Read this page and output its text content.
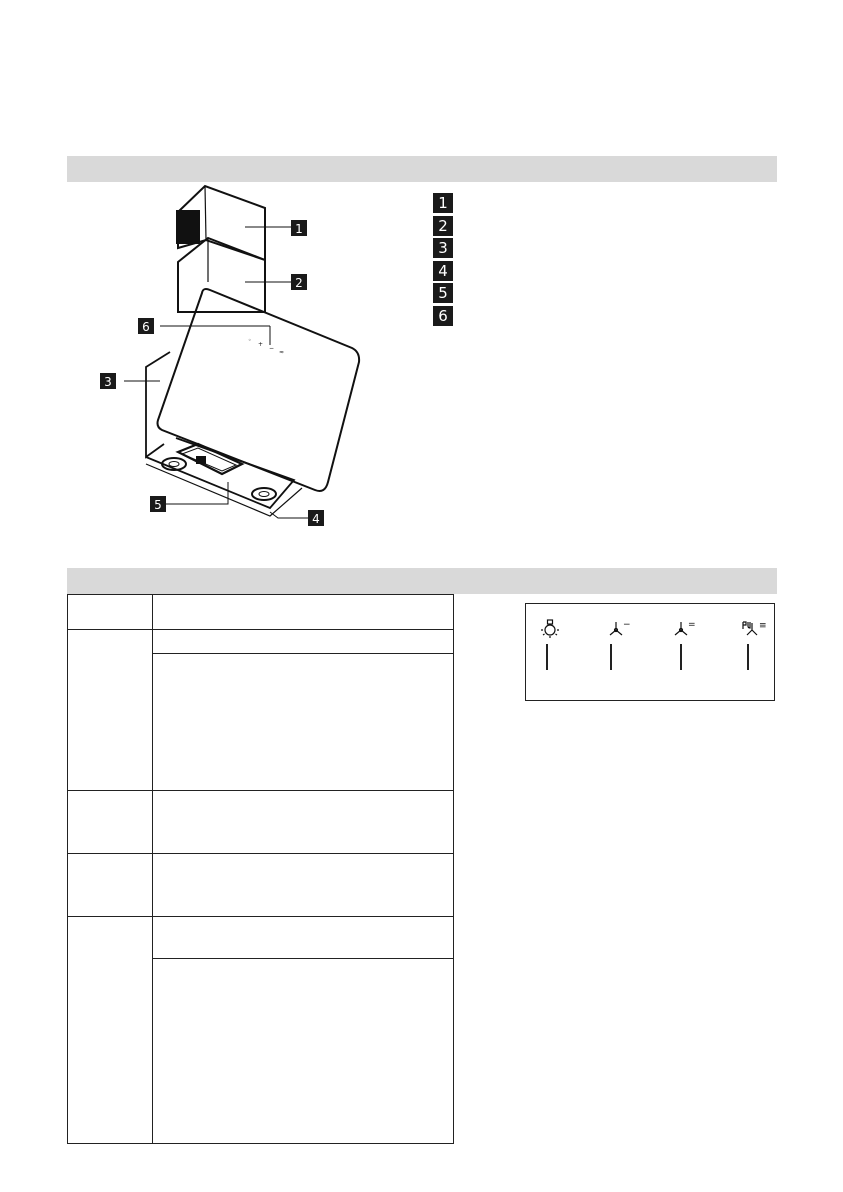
1
2
3
4
5
6
◦
+
−
≈
1
2
3
4
5
6

−	=	≡
